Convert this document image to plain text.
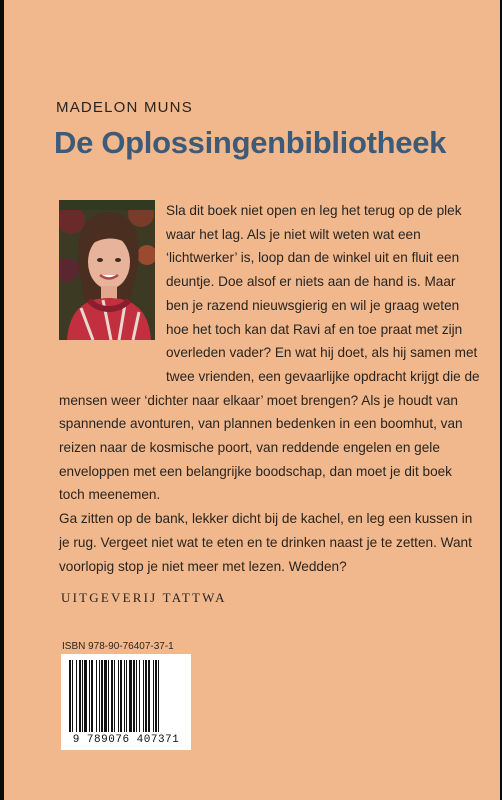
MADELON MUNS
De Oplossingenbibliotheek

Sla dit boek niet open en leg het terug op de plek waar het lag. Als je niet wilt weten wat een ‘lichtwerker’ is, loop dan de winkel uit en fluit een deuntje. Doe alsof er niets aan de hand is. Maar ben je razend nieuwsgierig en wil je graag weten hoe het toch kan dat Ravi af en toe praat met zijn overleden vader? En wat hij doet, als hij samen met twee vrienden, een gevaarlijke opdracht krijgt die de mensen weer ‘dichter naar elkaar’ moet brengen? Als je houdt van spannende avonturen, van plannen bedenken in een boomhut, van reizen naar de kosmische poort, van reddende engelen en gele enveloppen met een belangrijke boodschap, dan moet je dit boek toch meenemen.

Ga zitten op de bank, lekker dicht bij de kachel, en leg een kussen in je rug. Vergeet niet wat te eten en te drinken naast je te zetten. Want voorlopig stop je niet meer met lezen. Wedden?

UITGEVERIJ TATTWA
ISBN 978-90-76407-37-1
9 789076 407371
